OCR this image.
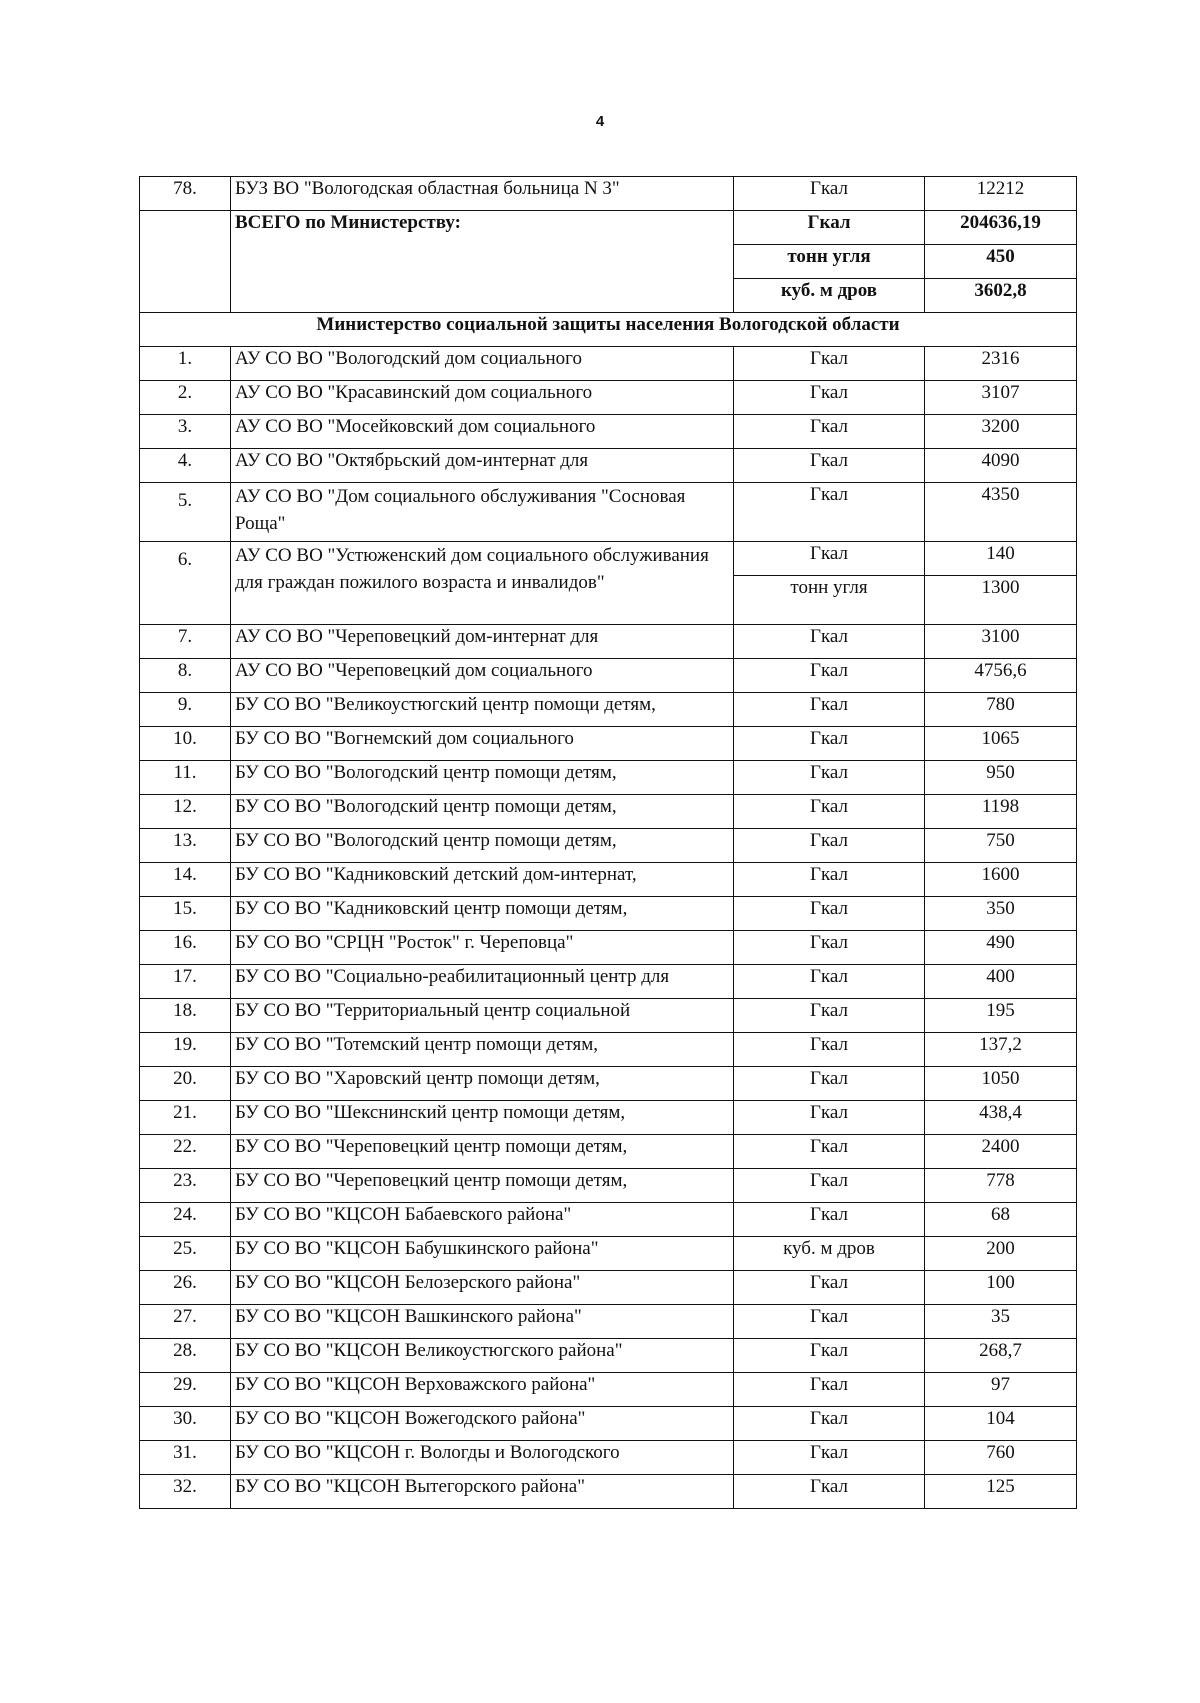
4
78.	БУЗ ВО "Вологодская областная больница N 3"	Гкал	12212
	ВСЕГО по Министерству:	Гкал	204636,19
		тонн угля	450
		куб. м дров	3602,8
Министерство социальной защиты населения Вологодской области			
1.	АУ СО ВО "Вологодский дом социального	Гкал	2316
2.	АУ СО ВО "Красавинский дом социального	Гкал	3107
3.	АУ СО ВО "Мосейковский дом социального	Гкал	3200
4.	АУ СО ВО "Октябрьский дом-интернат для	Гкал	4090
5.	АУ СО ВО "Дом социального обслуживания "Сосновая Роща"	Гкал	4350
6.	АУ СО ВО "Устюженский дом социального обслуживания для граждан пожилого возраста и инвалидов"	Гкал	140
		тонн угля	1300
7.	АУ СО ВО "Череповецкий дом-интернат для	Гкал	3100
8.	АУ СО ВО "Череповецкий дом социального	Гкал	4756,6
9.	БУ СО ВО "Великоустюгский центр помощи детям,	Гкал	780
10.	БУ СО ВО "Вогнемский дом социального	Гкал	1065
11.	БУ СО ВО "Вологодский центр помощи детям,	Гкал	950
12.	БУ СО ВО "Вологодский центр помощи детям,	Гкал	1198
13.	БУ СО ВО "Вологодский центр помощи детям,	Гкал	750
14.	БУ СО ВО "Кадниковский детский дом-интернат,	Гкал	1600
15.	БУ СО ВО "Кадниковский центр помощи детям,	Гкал	350
16.	БУ СО ВО "СРЦН "Росток" г. Череповца"	Гкал	490
17.	БУ СО ВО "Социально-реабилитационный центр для	Гкал	400
18.	БУ СО ВО "Территориальный центр социальной	Гкал	195
19.	БУ СО ВО "Тотемский центр помощи детям,	Гкал	137,2
20.	БУ СО ВО "Харовский центр помощи детям,	Гкал	1050
21.	БУ СО ВО "Шекснинский центр помощи детям,	Гкал	438,4
22.	БУ СО ВО "Череповецкий центр помощи детям,	Гкал	2400
23.	БУ СО ВО "Череповецкий центр помощи детям,	Гкал	778
24.	БУ СО ВО "КЦСОН Бабаевского района"	Гкал	68
25.	БУ СО ВО "КЦСОН Бабушкинского района"	куб. м дров	200
26.	БУ СО ВО "КЦСОН Белозерского района"	Гкал	100
27.	БУ СО ВО "КЦСОН Вашкинского района"	Гкал	35
28.	БУ СО ВО "КЦСОН Великоустюгского района"	Гкал	268,7
29.	БУ СО ВО "КЦСОН Верховажского района"	Гкал	97
30.	БУ СО ВО "КЦСОН Вожегодского района"	Гкал	104
31.	БУ СО ВО "КЦСОН г. Вологды и Вологодского	Гкал	760
32.	БУ СО ВО "КЦСОН Вытегорского района"	Гкал	125
